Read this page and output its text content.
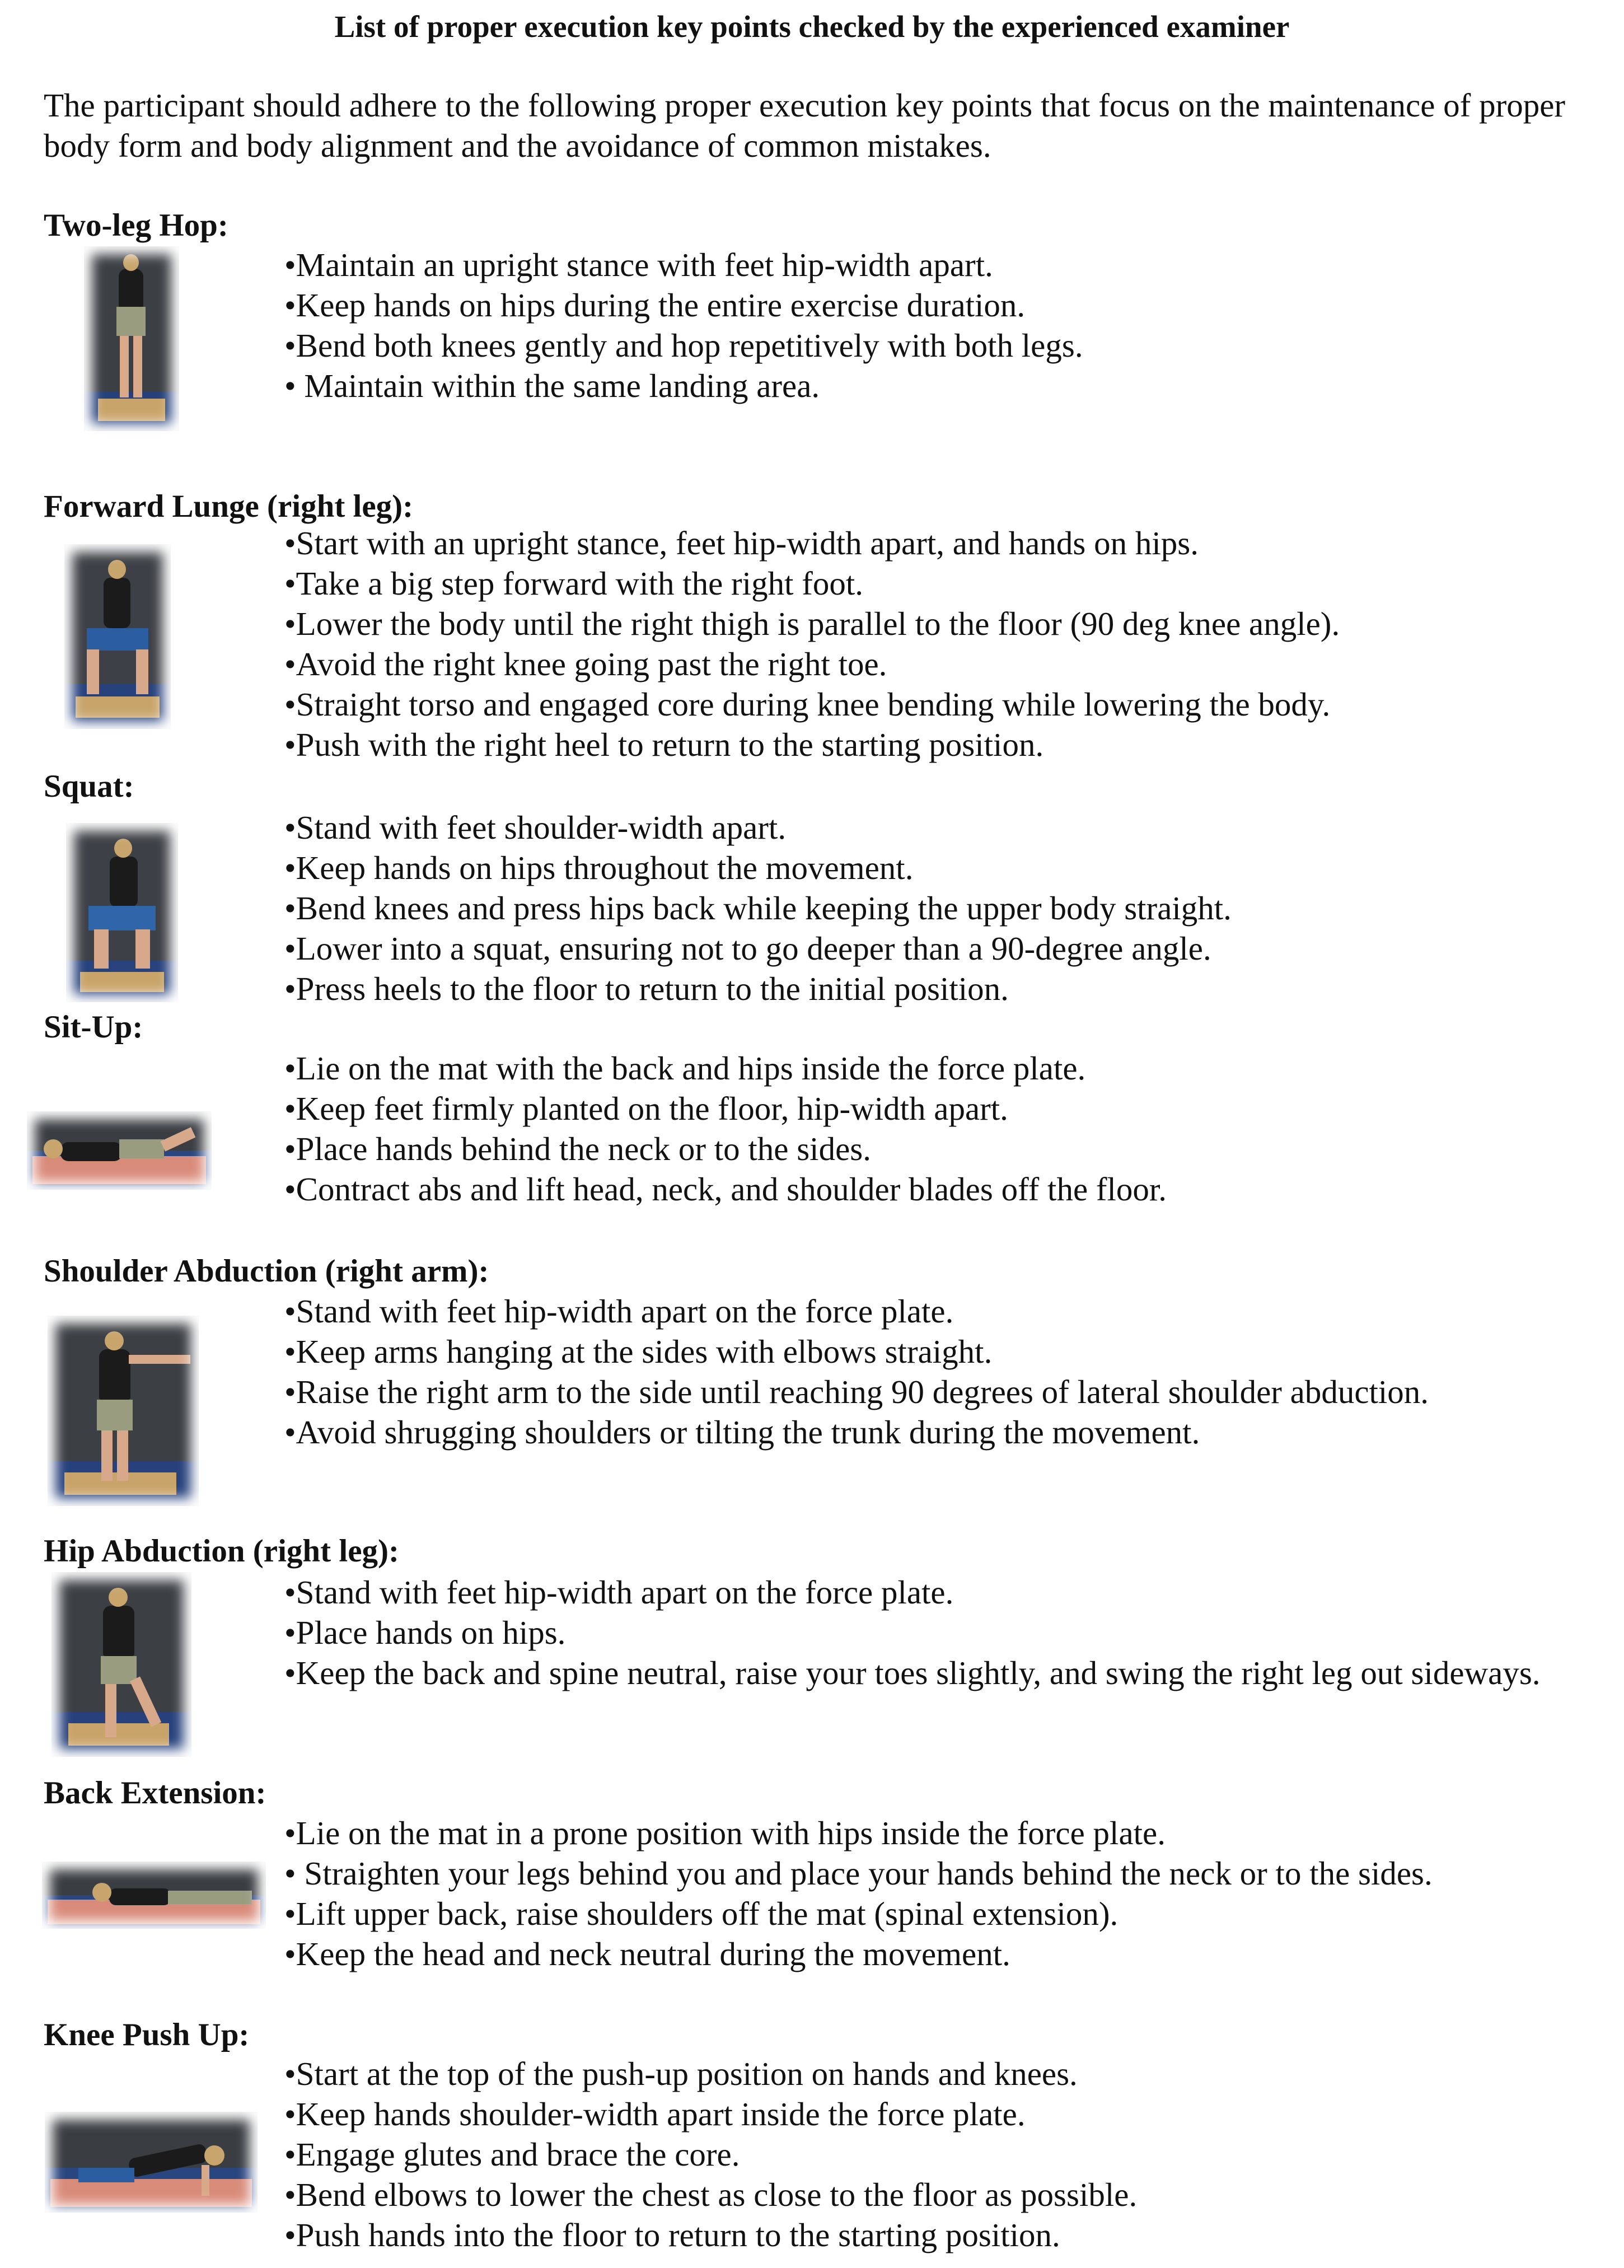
List of proper execution key points checked by the experienced examiner
The participant should adhere to the following proper execution key points that focus on the maintenance of proper body form and body alignment and the avoidance of common mistakes.
Two-leg Hop:
•Maintain an upright stance with feet hip-width apart.
•Keep hands on hips during the entire exercise duration.
•Bend both knees gently and hop repetitively with both legs.
• Maintain within the same landing area.
Forward Lunge (right leg):
•Start with an upright stance, feet hip-width apart, and hands on hips.
•Take a big step forward with the right foot.
•Lower the body until the right thigh is parallel to the floor (90 deg knee angle).
•Avoid the right knee going past the right toe.
•Straight torso and engaged core during knee bending while lowering the body.
•Push with the right heel to return to the starting position.
Squat:
•Stand with feet shoulder-width apart.
•Keep hands on hips throughout the movement.
•Bend knees and press hips back while keeping the upper body straight.
•Lower into a squat, ensuring not to go deeper than a 90-degree angle.
•Press heels to the floor to return to the initial position.
Sit-Up:
•Lie on the mat with the back and hips inside the force plate.
•Keep feet firmly planted on the floor, hip-width apart.
•Place hands behind the neck or to the sides.
•Contract abs and lift head, neck, and shoulder blades off the floor.
Shoulder Abduction (right arm):
•Stand with feet hip-width apart on the force plate.
•Keep arms hanging at the sides with elbows straight.
•Raise the right arm to the side until reaching 90 degrees of lateral shoulder abduction.
•Avoid shrugging shoulders or tilting the trunk during the movement.
Hip Abduction (right leg):
•Stand with feet hip-width apart on the force plate.
•Place hands on hips.
•Keep the back and spine neutral, raise your toes slightly, and swing the right leg out sideways.
Back Extension:
•Lie on the mat in a prone position with hips inside the force plate.
• Straighten your legs behind you and place your hands behind the neck or to the sides.
•Lift upper back, raise shoulders off the mat (spinal extension).
•Keep the head and neck neutral during the movement.
Knee Push Up:
•Start at the top of the push-up position on hands and knees.
•Keep hands shoulder-width apart inside the force plate.
•Engage glutes and brace the core.
•Bend elbows to lower the chest as close to the floor as possible.
•Push hands into the floor to return to the starting position.
